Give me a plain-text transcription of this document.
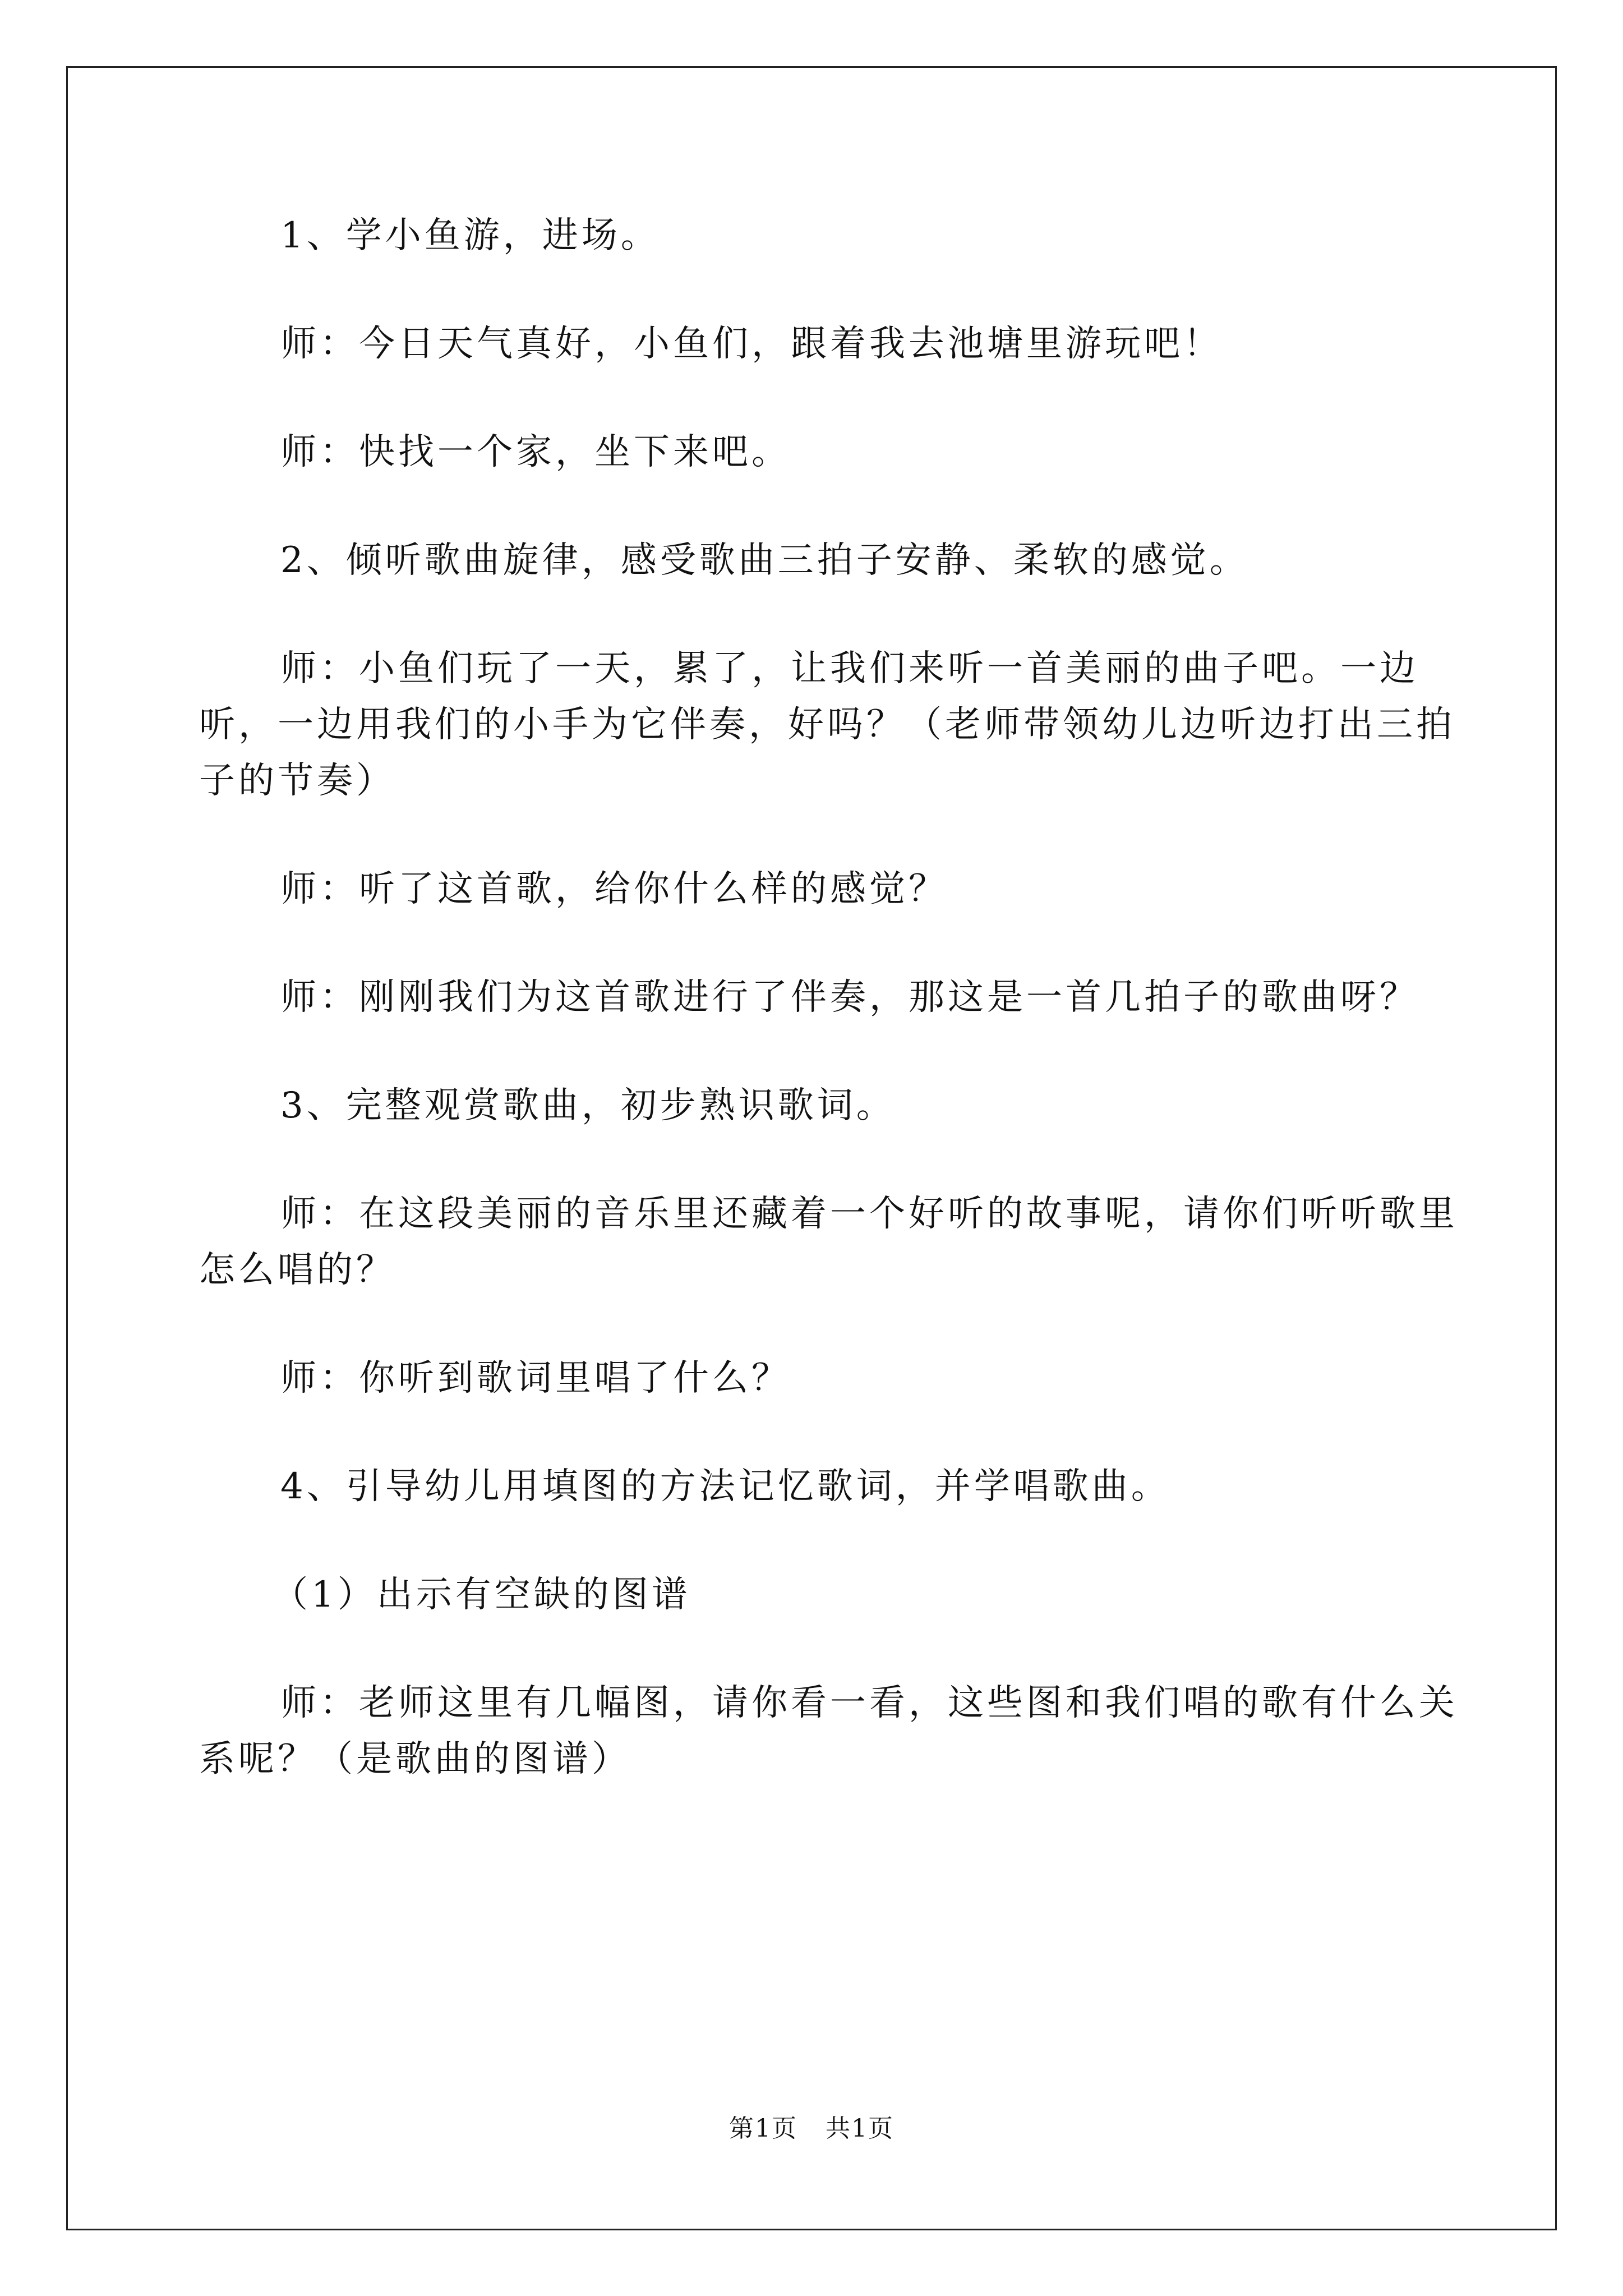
1、学小鱼游，进场。

师：今日天气真好，小鱼们，跟着我去池塘里游玩吧！

师：快找一个家，坐下来吧。

2、倾听歌曲旋律，感受歌曲三拍子安静、柔软的感觉。

师：小鱼们玩了一天，累了，让我们来听一首美丽的曲子吧。一边听，一边用我们的小手为它伴奏，好吗？（老师带领幼儿边听边打出三拍子的节奏）

师：听了这首歌，给你什么样的感觉？

师：刚刚我们为这首歌进行了伴奏，那这是一首几拍子的歌曲呀？

3、完整观赏歌曲，初步熟识歌词。

师：在这段美丽的音乐里还藏着一个好听的故事呢，请你们听听歌里怎么唱的？

师：你听到歌词里唱了什么？

4、引导幼儿用填图的方法记忆歌词，并学唱歌曲。

（1）出示有空缺的图谱

师：老师这里有几幅图，请你看一看，这些图和我们唱的歌有什么关系呢？（是歌曲的图谱）

第1页 共1页
